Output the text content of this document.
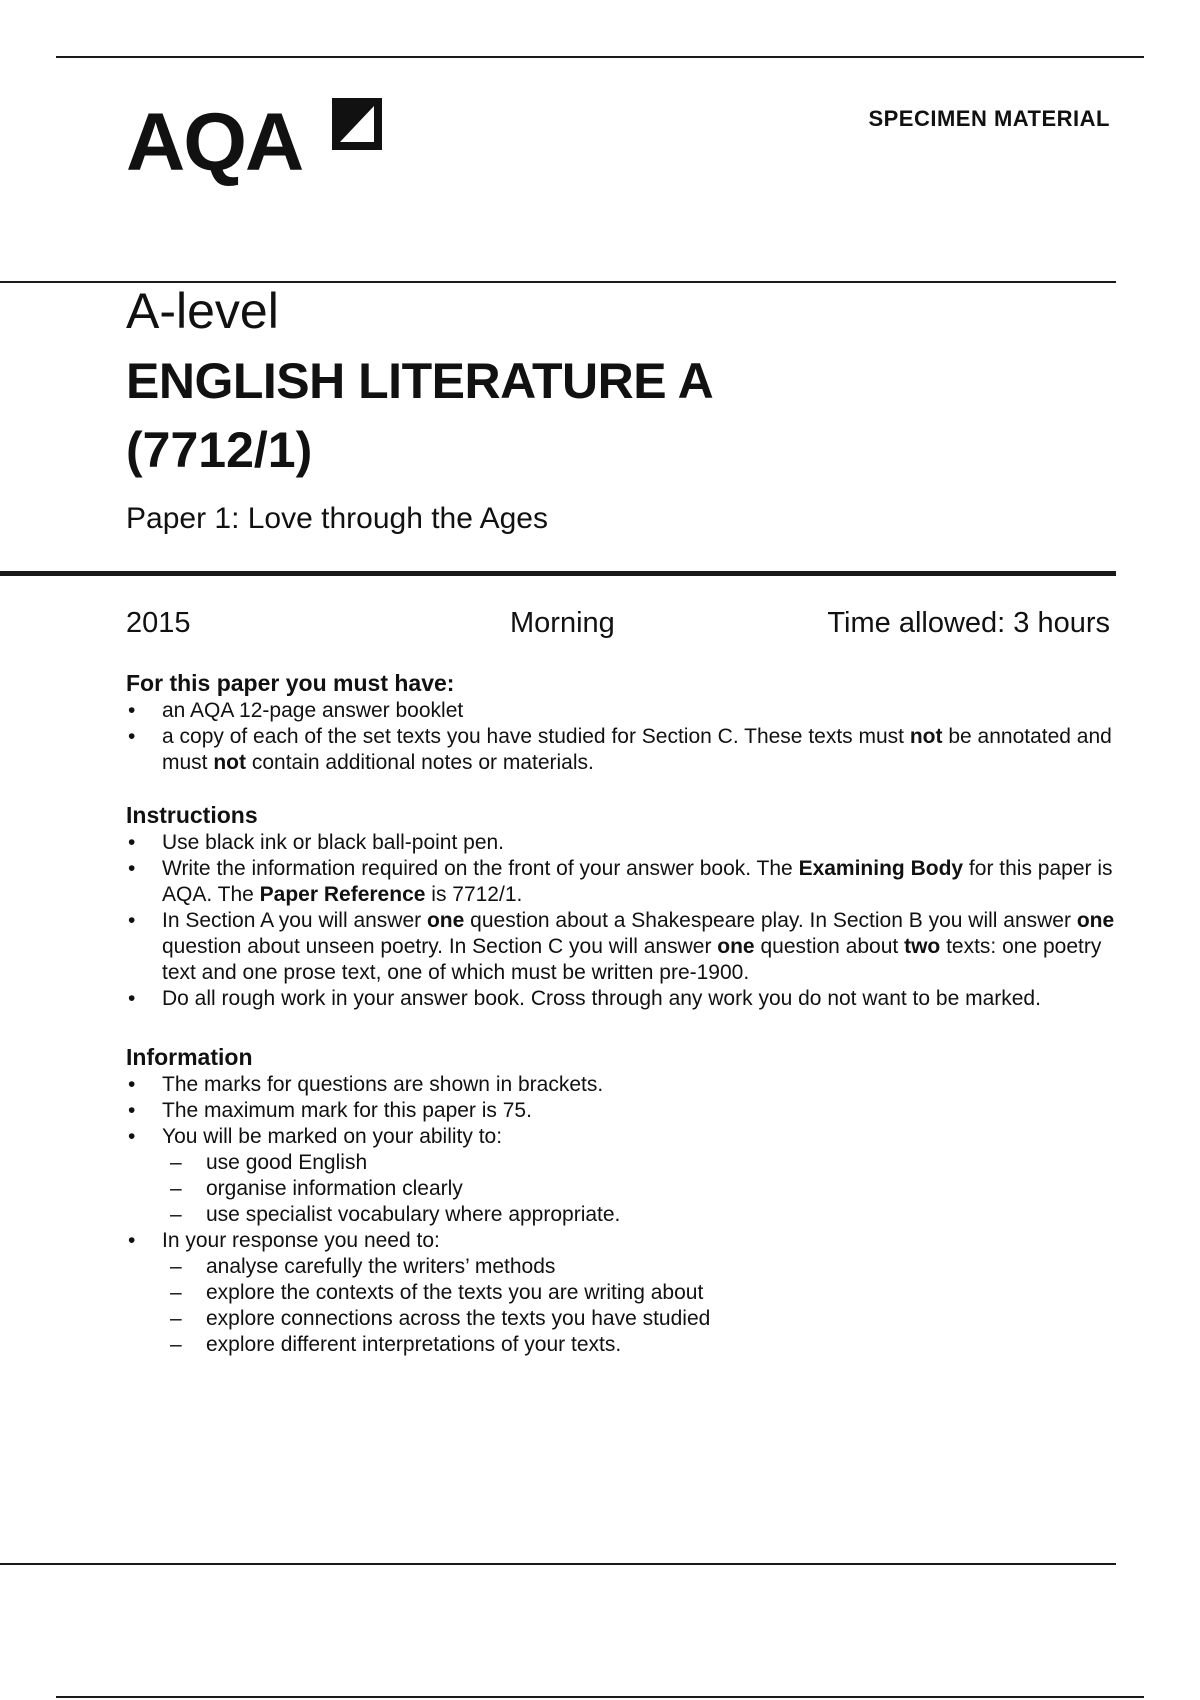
AQA	SPECIMEN MATERIAL
A-level
ENGLISH LITERATURE A
(7712/1)
Paper 1: Love through the Ages
2015	Morning	Time allowed: 3 hours
For this paper you must have:
• an AQA 12-page answer booklet
• a copy of each of the set texts you have studied for Section C. These texts must not be annotated and must not contain additional notes or materials.
Instructions
• Use black ink or black ball-point pen.
• Write the information required on the front of your answer book. The Examining Body for this paper is AQA. The Paper Reference is 7712/1.
• In Section A you will answer one question about a Shakespeare play. In Section B you will answer one question about unseen poetry. In Section C you will answer one question about two texts: one poetry text and one prose text, one of which must be written pre-1900.
• Do all rough work in your answer book. Cross through any work you do not want to be marked.
Information
• The marks for questions are shown in brackets.
• The maximum mark for this paper is 75.
• You will be marked on your ability to:
– use good English
– organise information clearly
– use specialist vocabulary where appropriate.
• In your response you need to:
– analyse carefully the writers’ methods
– explore the contexts of the texts you are writing about
– explore connections across the texts you have studied
– explore different interpretations of your texts.
